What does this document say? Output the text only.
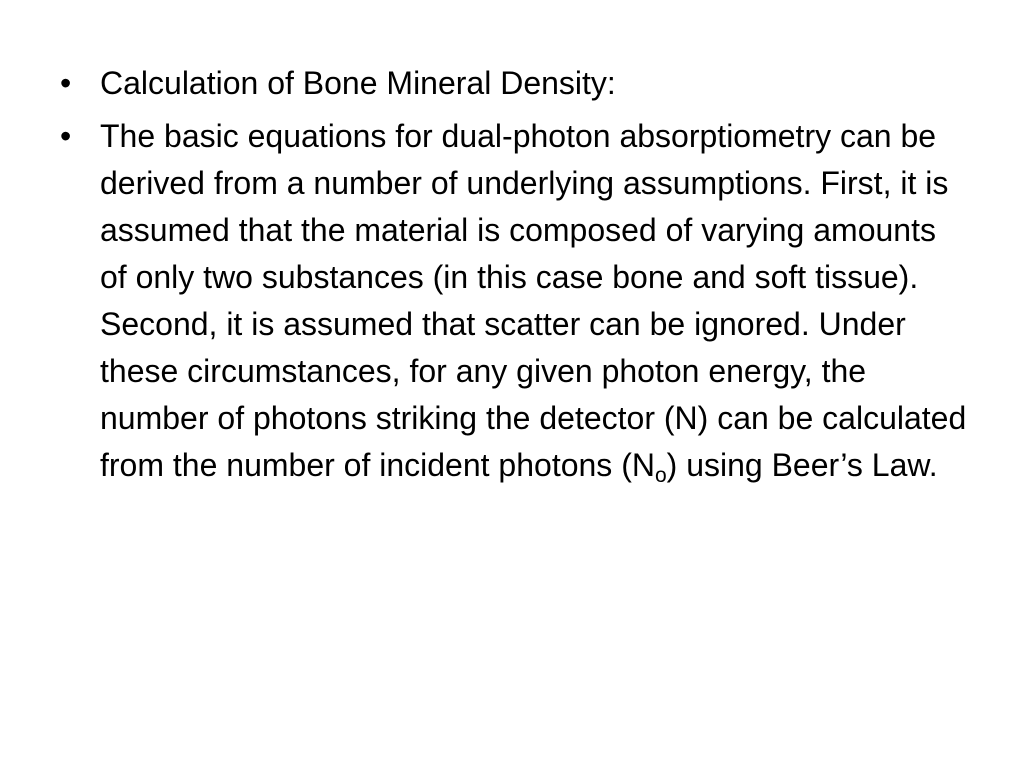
• Calculation of Bone Mineral Density:
• The basic equations for dual-photon absorptiometry can be derived from a number of underlying assumptions. First, it is assumed that the material is composed of varying amounts of only two substances (in this case bone and soft tissue). Second, it is assumed that scatter can be ignored. Under these circumstances, for any given photon energy, the number of photons striking the detector (N) can be calculated from the number of incident photons $(N_o)$ using Beer’s Law.
